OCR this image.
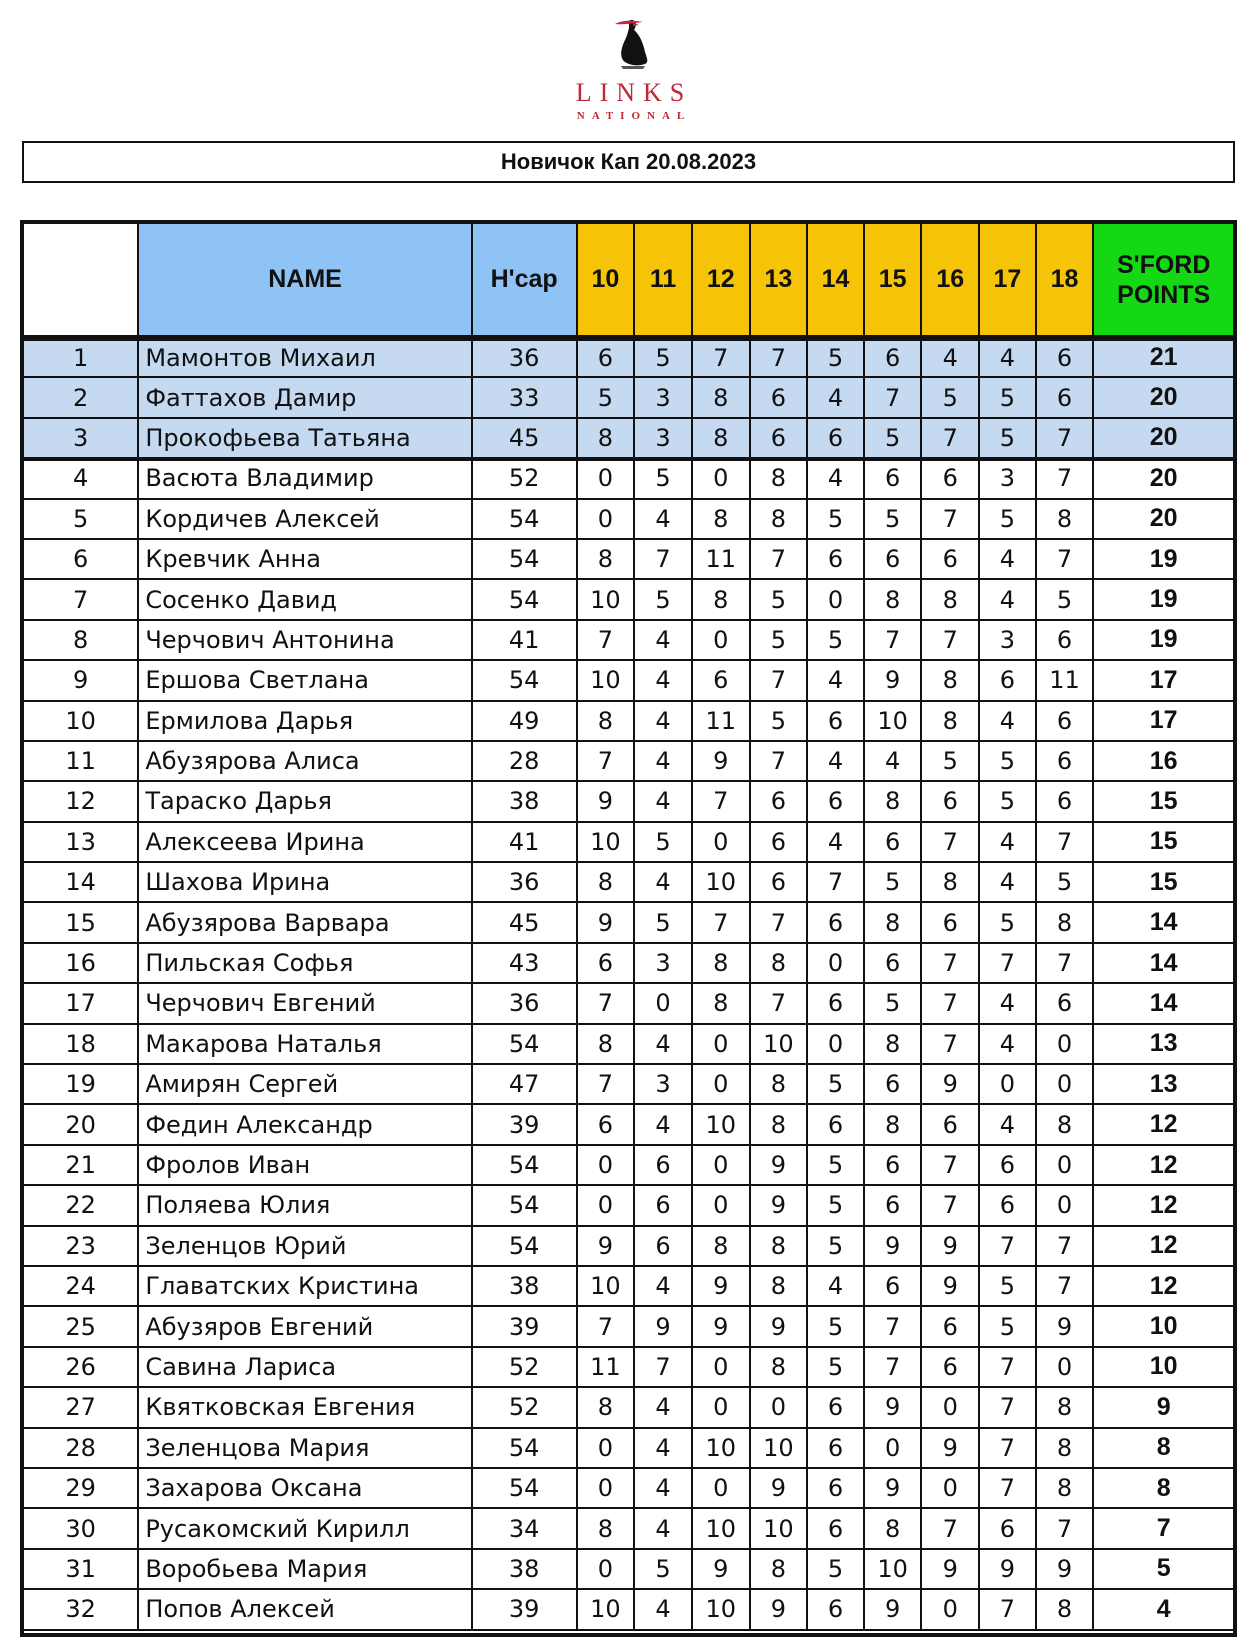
LINKS
NATIONAL
Новичок Кап 20.08.2023
	NAME	H'cap	10	11	12	13	14	15	16	17	18	S'FORD
POINTS

1	Мамонтов Михаил	36	6	5	7	7	5	6	4	4	6	21
2	Фаттахов Дамир	33	5	3	8	6	4	7	5	5	6	20
3	Прокофьева Татьяна	45	8	3	8	6	6	5	7	5	7	20
4	Васюта Владимир	52	0	5	0	8	4	6	6	3	7	20
5	Кордичев Алексей	54	0	4	8	8	5	5	7	5	8	20
6	Кревчик Анна	54	8	7	11	7	6	6	6	4	7	19
7	Сосенко Давид	54	10	5	8	5	0	8	8	4	5	19
8	Черчович Антонина	41	7	4	0	5	5	7	7	3	6	19
9	Ершова Светлана	54	10	4	6	7	4	9	8	6	11	17
10	Ермилова Дарья	49	8	4	11	5	6	10	8	4	6	17
11	Абузярова Алиса	28	7	4	9	7	4	4	5	5	6	16
12	Тараско Дарья	38	9	4	7	6	6	8	6	5	6	15
13	Алексеева Ирина	41	10	5	0	6	4	6	7	4	7	15
14	Шахова Ирина	36	8	4	10	6	7	5	8	4	5	15
15	Абузярова Варвара	45	9	5	7	7	6	8	6	5	8	14
16	Пильская Софья	43	6	3	8	8	0	6	7	7	7	14
17	Черчович Евгений	36	7	0	8	7	6	5	7	4	6	14
18	Макарова Наталья	54	8	4	0	10	0	8	7	4	0	13
19	Амирян Сергей	47	7	3	0	8	5	6	9	0	0	13
20	Федин Александр	39	6	4	10	8	6	8	6	4	8	12
21	Фролов Иван	54	0	6	0	9	5	6	7	6	0	12
22	Поляева Юлия	54	0	6	0	9	5	6	7	6	0	12
23	Зеленцов Юрий	54	9	6	8	8	5	9	9	7	7	12
24	Главатских Кристина	38	10	4	9	8	4	6	9	5	7	12
25	Абузяров Евгений	39	7	9	9	9	5	7	6	5	9	10
26	Савина Лариса	52	11	7	0	8	5	7	6	7	0	10
27	Квятковская Евгения	52	8	4	0	0	6	9	0	7	8	9
28	Зеленцова Мария	54	0	4	10	10	6	0	9	7	8	8
29	Захарова Оксана	54	0	4	0	9	6	9	0	7	8	8
30	Русакомский Кирилл	34	8	4	10	10	6	8	7	6	7	7
31	Воробьева Мария	38	0	5	9	8	5	10	9	9	9	5
32	Попов Алексей	39	10	4	10	9	6	9	0	7	8	4
